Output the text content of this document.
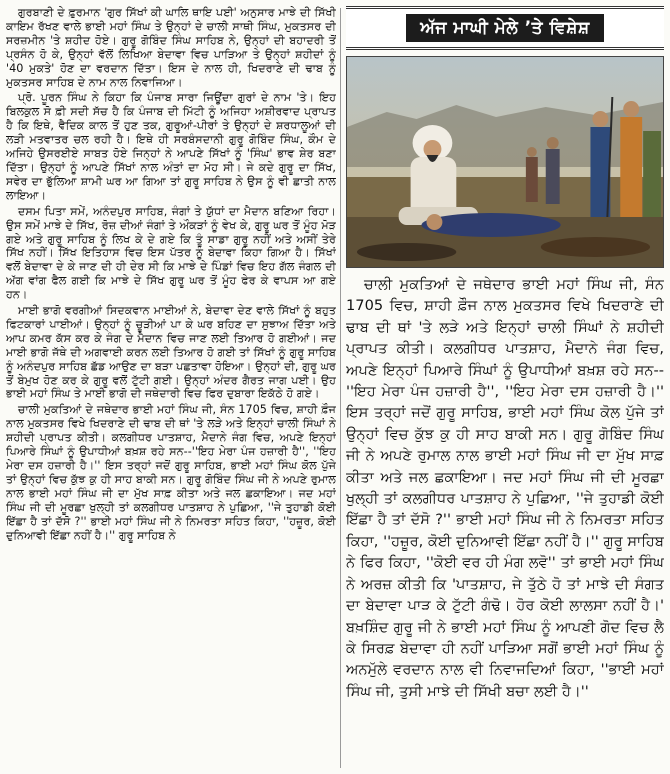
ਗੁਰਬਾਣੀ ਦੇ ਫ਼ੁਰਮਾਨ 'ਗੁਰ ਸਿੱਖਾਂ ਕੀ ਘਾਲਿ ਥਾਇ ਪਈ' ਅਨੁਸਾਰ ਮਾਝੇ ਦੀ ਸਿੱਖੀ ਕਾਇਮ ਰੱਖਣ ਵਾਲੇ ਭਾਈ ਮਹਾਂ ਸਿੰਘ ਤੇ ਉਨ੍ਹਾਂ ਦੇ ਚਾਲੀ ਸਾਥੀ ਸਿੰਘ, ਮੁਕਤਸਰ ਦੀ ਸਰਜ਼ਮੀਨ 'ਤੇ ਸ਼ਹੀਦ ਹੋਏ। ਗੁਰੂ ਗੋਬਿੰਦ ਸਿੰਘ ਸਾਹਿਬ ਨੇ, ਉਨ੍ਹਾਂ ਦੀ ਬਹਾਦਰੀ ਤੋਂ ਪ੍ਰਸੰਨ ਹੋ ਕੇ, ਉਨ੍ਹਾਂ ਵੱਲੋਂ ਲਿਖਿਆ ਬੇਦਾਵਾ ਵਿਚ ਪਾੜਿਆ ਤੇ ਉਨ੍ਹਾਂ ਸ਼ਹੀਦਾਂ ਨੂੰ '40 ਮੁਕਤੇ' ਹੋਣ ਦਾ ਵਰਦਾਨ ਦਿੱਤਾ। ਇਸ ਦੇ ਨਾਲ ਹੀ, ਖਿਦਰਾਣੇ ਦੀ ਢਾਬ ਨੂੰ ਮੁਕਤਸਰ ਸਾਹਿਬ ਦੇ ਨਾਮ ਨਾਲ ਨਿਵਾਜਿਆ।

ਪ੍ਰੋ. ਪੂਰਨ ਸਿੰਘ ਨੇ ਕਿਹਾ ਕਿ ਪੰਜਾਬ ਸਾਰਾ ਜਿਊਂਦਾ ਗੁਰਾਂ ਦੇ ਨਾਮ 'ਤੇ। ਇਹ ਬਿਲਕੁਲ ਸੋ ਫ਼ੀ ਸਦੀ ਸੱਚ ਹੈ ਕਿ ਪੰਜਾਬ ਦੀ ਮਿੱਟੀ ਨੂੰ ਅਜਿਹਾ ਅਸ਼ੀਰਵਾਦ ਪ੍ਰਾਪਤ ਹੈ ਕਿ ਇਥੇ, ਵੈਦਿਕ ਕਾਲ ਤੋਂ ਹੁਣ ਤਕ, ਗੁਰੂਆਂ-ਪੀਰਾਂ ਤੇ ਉਨ੍ਹਾਂ ਦੇ ਸ਼ਰਧਾਲੂਆਂ ਦੀ ਲੜੀ ਮਤਵਾਤਰ ਚਲ ਰਹੀ ਹੈ। ਇਥੇ ਹੀ ਸਰਬੰਸਦਾਨੀ ਗੁਰੂ ਗੋਬਿੰਦ ਸਿੰਘ, ਕੌਮ ਦੇ ਅਜਿਹੇ ਉਸਰਈਏ ਸਾਬਤ ਹੋਏ ਜਿਨ੍ਹਾਂ ਨੇ ਆਪਣੇ ਸਿੱਖਾਂ ਨੂੰ 'ਸਿੰਘ' ਭਾਵ ਸ਼ੇਰ ਬਣਾ ਦਿੱਤਾ। ਉਨ੍ਹਾਂ ਨੂੰ ਆਪਣੇ ਸਿੱਖਾਂ ਨਾਲ ਅੰਤਾਂ ਦਾ ਮੋਹ ਸੀ। ਜੇ ਕਦੇ ਗੁਰੂ ਦਾ ਸਿੱਖ, ਸਵੇਰ ਦਾ ਭੁੱਲਿਆ ਸ਼ਾਮੀ ਘਰ ਆ ਗਿਆ ਤਾਂ ਗੁਰੂ ਸਾਹਿਬ ਨੇ ਉਸ ਨੂੰ ਵੀ ਛਾਤੀ ਨਾਲ ਲਾਇਆ।

ਦਸਮ ਪਿਤਾ ਸਮੇਂ, ਅਨੰਦਪੁਰ ਸਾਹਿਬ, ਜੰਗਾਂ ਤੇ ਯੁੱਧਾਂ ਦਾ ਮੈਦਾਨ ਬਣਿਆ ਰਿਹਾ। ਉਸ ਸਮੇਂ ਮਾਝੇ ਦੇ ਸਿੱਖ, ਰੋਜ਼ ਦੀਆਂ ਜੰਗਾਂ ਤੇ ਔਕੜਾਂ ਨੂੰ ਵੇਖ ਕੇ, ਗੁਰੂ ਘਰ ਤੋਂ ਮੂੰਹ ਮੋੜ ਗਏ ਅਤੇ ਗੁਰੂ ਸਾਹਿਬ ਨੂੰ ਲਿਖ ਕੇ ਦੇ ਗਏ ਕਿ ਤੂੰ ਸਾਡਾ ਗੁਰੂ ਨਹੀਂ ਅਤੇ ਅਸੀਂ ਤੇਰੇ ਸਿੱਖ ਨਹੀਂ। ਸਿੱਖ ਇਤਿਹਾਸ ਵਿਚ ਇਸ ਪੱਤਰ ਨੂੰ ਬੇਦਾਵਾ ਕਿਹਾ ਗਿਆ ਹੈ। ਸਿੱਖਾਂ ਵਲੋਂ ਬੇਦਾਵਾ ਦੇ ਕੇ ਜਾਣ ਦੀ ਹੀ ਦੇਰ ਸੀ ਕਿ ਮਾਝੇ ਦੇ ਪਿੰਡਾਂ ਵਿਚ ਇਹ ਗੱਲ ਜੰਗਲ ਦੀ ਅੱਗ ਵਾਂਗ ਫੈਲ ਗਈ ਕਿ ਮਾਝੇ ਦੇ ਸਿੱਖ ਗੁਰੂ ਘਰ ਤੋਂ ਮੂੰਹ ਫੇਰ ਕੇ ਵਾਪਸ ਆ ਗਏ ਹਨ।

ਮਾਈ ਭਾਗੋ ਵਰਗੀਆਂ ਸਿਦਕਵਾਨ ਮਾਈਆਂ ਨੇ, ਬੇਦਾਵਾ ਦੇਣ ਵਾਲੇ ਸਿੱਖਾਂ ਨੂੰ ਬਹੁਤ ਫਿਟਕਾਰਾਂ ਪਾਈਆਂ। ਉਨ੍ਹਾਂ ਨੂੰ ਚੂੜੀਆਂ ਪਾ ਕੇ ਘਰ ਬਹਿਣ ਦਾ ਸੁਝਾਅ ਦਿੱਤਾ ਅਤੇ ਆਪ ਕਮਰ ਕੱਸ ਕਰ ਕੇ ਜੰਗ ਦੇ ਮੈਦਾਨ ਵਿਚ ਜਾਣ ਲਈ ਤਿਆਰ ਹੋ ਗਈਆਂ। ਜਦ ਮਾਈ ਭਾਗੋ ਜੱਥੇ ਦੀ ਅਗਵਾਈ ਕਰਨ ਲਈ ਤਿਆਰ ਹੋ ਗਈ ਤਾਂ ਸਿੱਖਾਂ ਨੂੰ ਗੁਰੂ ਸਾਹਿਬ ਨੂੰ ਅਨੰਦਪੁਰ ਸਾਹਿਬ ਛੱਡ ਆਉਣ ਦਾ ਬੜਾ ਪਛਤਾਵਾ ਹੋਇਆ। ਉਨ੍ਹਾਂ ਦੀ, ਗੁਰੂ ਘਰ ਤੋਂ ਬੇਮੁਖ ਹੋਣ ਕਰ ਕੇ ਗੁਰੂ ਵਲੋਂ ਟੁੱਟੀ ਗਈ। ਉਨ੍ਹਾਂ ਅੰਦਰ ਗੈਰਤ ਜਾਗ ਪਈ। ਉਹ ਭਾਈ ਮਹਾਂ ਸਿੰਘ ਤੇ ਮਾਈ ਭਾਗੋ ਦੀ ਜਥੇਦਾਰੀ ਵਿਚ ਫਿਰ ਦੁਬਾਰਾ ਇਕੱਠੇ ਹੋ ਗਏ।

ਚਾਲੀ ਮੁਕਤਿਆਂ ਦੇ ਜਥੇਦਾਰ ਭਾਈ ਮਹਾਂ ਸਿੰਘ ਜੀ, ਸੰਨ 1705 ਵਿਚ, ਸ਼ਾਹੀ ਫ਼ੌਜ ਨਾਲ ਮੁਕਤਸਰ ਵਿਖੇ ਖਿਦਰਾਣੇ ਦੀ ਢਾਬ ਦੀ ਥਾਂ 'ਤੇ ਲੜੇ ਅਤੇ ਇਨ੍ਹਾਂ ਚਾਲੀ ਸਿੰਘਾਂ ਨੇ ਸ਼ਹੀਦੀ ਪ੍ਰਾਪਤ ਕੀਤੀ। ਕਲਗੀਧਰ ਪਾਤਸ਼ਾਹ, ਮੈਦਾਨੇ ਜੰਗ ਵਿਚ, ਅਪਣੇ ਇਨ੍ਹਾਂ ਪਿਆਰੇ ਸਿੰਘਾਂ ਨੂੰ ਉਪਾਧੀਆਂ ਬਖ਼ਸ਼ ਰਹੇ ਸਨ--''ਇਹ ਮੇਰਾ ਪੰਜ ਹਜ਼ਾਰੀ ਹੈ'', ''ਇਹ ਮੇਰਾ ਦਸ ਹਜ਼ਾਰੀ ਹੈ।'' ਇਸ ਤਰ੍ਹਾਂ ਜਦੋਂ ਗੁਰੂ ਸਾਹਿਬ, ਭਾਈ ਮਹਾਂ ਸਿੰਘ ਕੋਲ ਪੁੱਜੇ ਤਾਂ ਉਨ੍ਹਾਂ ਵਿਚ ਕੁੱਝ ਕੁ ਹੀ ਸਾਹ ਬਾਕੀ ਸਨ। ਗੁਰੂ ਗੋਬਿੰਦ ਸਿੰਘ ਜੀ ਨੇ ਅਪਣੇ ਰੁਮਾਲ ਨਾਲ ਭਾਈ ਮਹਾਂ ਸਿੰਘ ਜੀ ਦਾ ਮੁੱਖ ਸਾਫ਼ ਕੀਤਾ ਅਤੇ ਜਲ ਛਕਾਇਆ। ਜਦ ਮਹਾਂ ਸਿੰਘ ਜੀ ਦੀ ਮੂਰਛਾ ਖੁਲ੍ਹੀ ਤਾਂ ਕਲਗੀਧਰ ਪਾਤਸ਼ਾਹ ਨੇ ਪੁਛਿਆ, ''ਜੇ ਤੁਹਾਡੀ ਕੋਈ ਇੱਛਾ ਹੈ ਤਾਂ ਦੱਸੋ ?'' ਭਾਈ ਮਹਾਂ ਸਿੰਘ ਜੀ ਨੇ ਨਿਮਰਤਾ ਸਹਿਤ ਕਿਹਾ, ''ਹਜ਼ੂਰ, ਕੋਈ ਦੁਨਿਆਵੀ ਇੱਛਾ ਨਹੀਂ ਹੈ।'' ਗੁਰੂ ਸਾਹਿਬ ਨੇ

ਅੱਜ ਮਾਘੀ ਮੇਲੇ ’ਤੇ ਵਿਸ਼ੇਸ਼

ਚਾਲੀ ਮੁਕਤਿਆਂ ਦੇ ਜਥੇਦਾਰ ਭਾਈ ਮਹਾਂ ਸਿੰਘ ਜੀ, ਸੰਨ 1705 ਵਿਚ, ਸ਼ਾਹੀ ਫ਼ੌਜ ਨਾਲ ਮੁਕਤਸਰ ਵਿਖੇ ਖਿਦਰਾਣੇ ਦੀ ਢਾਬ ਦੀ ਥਾਂ 'ਤੇ ਲੜੇ ਅਤੇ ਇਨ੍ਹਾਂ ਚਾਲੀ ਸਿੰਘਾਂ ਨੇ ਸ਼ਹੀਦੀ ਪ੍ਰਾਪਤ ਕੀਤੀ। ਕਲਗੀਧਰ ਪਾਤਸ਼ਾਹ, ਮੈਦਾਨੇ ਜੰਗ ਵਿਚ, ਅਪਣੇ ਇਨ੍ਹਾਂ ਪਿਆਰੇ ਸਿੰਘਾਂ ਨੂੰ ਉਪਾਧੀਆਂ ਬਖ਼ਸ਼ ਰਹੇ ਸਨ--''ਇਹ ਮੇਰਾ ਪੰਜ ਹਜ਼ਾਰੀ ਹੈ'', ''ਇਹ ਮੇਰਾ ਦਸ ਹਜ਼ਾਰੀ ਹੈ।'' ਇਸ ਤਰ੍ਹਾਂ ਜਦੋਂ ਗੁਰੂ ਸਾਹਿਬ, ਭਾਈ ਮਹਾਂ ਸਿੰਘ ਕੋਲ ਪੁੱਜੇ ਤਾਂ ਉਨ੍ਹਾਂ ਵਿਚ ਕੁੱਝ ਕੁ ਹੀ ਸਾਹ ਬਾਕੀ ਸਨ। ਗੁਰੂ ਗੋਬਿੰਦ ਸਿੰਘ ਜੀ ਨੇ ਅਪਣੇ ਰੁਮਾਲ ਨਾਲ ਭਾਈ ਮਹਾਂ ਸਿੰਘ ਜੀ ਦਾ ਮੁੱਖ ਸਾਫ਼ ਕੀਤਾ ਅਤੇ ਜਲ ਛਕਾਇਆ। ਜਦ ਮਹਾਂ ਸਿੰਘ ਜੀ ਦੀ ਮੂਰਛਾ ਖੁਲ੍ਹੀ ਤਾਂ ਕਲਗੀਧਰ ਪਾਤਸ਼ਾਹ ਨੇ ਪੁਛਿਆ, ''ਜੇ ਤੁਹਾਡੀ ਕੋਈ ਇੱਛਾ ਹੈ ਤਾਂ ਦੱਸੋ ?'' ਭਾਈ ਮਹਾਂ ਸਿੰਘ ਜੀ ਨੇ ਨਿਮਰਤਾ ਸਹਿਤ ਕਿਹਾ, ''ਹਜ਼ੂਰ, ਕੋਈ ਦੁਨਿਆਵੀ ਇੱਛਾ ਨਹੀਂ ਹੈ।'' ਗੁਰੂ ਸਾਹਿਬ ਨੇ ਫਿਰ ਕਿਹਾ, ''ਕੋਈ ਵਰ ਹੀ ਮੰਗ ਲਵੋ'' ਤਾਂ ਭਾਈ ਮਹਾਂ ਸਿੰਘ ਨੇ ਅਰਜ਼ ਕੀਤੀ ਕਿ 'ਪਾਤਸ਼ਾਹ, ਜੇ ਤੁੱਠੇ ਹੋ ਤਾਂ ਮਾਝੇ ਦੀ ਸੰਗਤ ਦਾ ਬੇਦਾਵਾ ਪਾੜ ਕੇ ਟੁੱਟੀ ਗੰਢੋ। ਹੋਰ ਕੋਈ ਲਾਲਸਾ ਨਹੀਂ ਹੈ।' ਬਖ਼ਸ਼ਿੰਦ ਗੁਰੂ ਜੀ ਨੇ ਭਾਈ ਮਹਾਂ ਸਿੰਘ ਨੂੰ ਆਪਣੀ ਗੋਦ ਵਿਚ ਲੈ ਕੇ ਸਿਰਫ਼ ਬੇਦਾਵਾ ਹੀ ਨਹੀਂ ਪਾੜਿਆ ਸਗੋਂ ਭਾਈ ਮਹਾਂ ਸਿੰਘ ਨੂੰ ਅਨਮੁੱਲੇ ਵਰਦਾਨ ਨਾਲ ਵੀ ਨਿਵਾਜਦਿਆਂ ਕਿਹਾ, ''ਭਾਈ ਮਹਾਂ ਸਿੰਘ ਜੀ, ਤੁਸੀ ਮਾਝੇ ਦੀ ਸਿੱਖੀ ਬਚਾ ਲਈ ਹੈ।''
